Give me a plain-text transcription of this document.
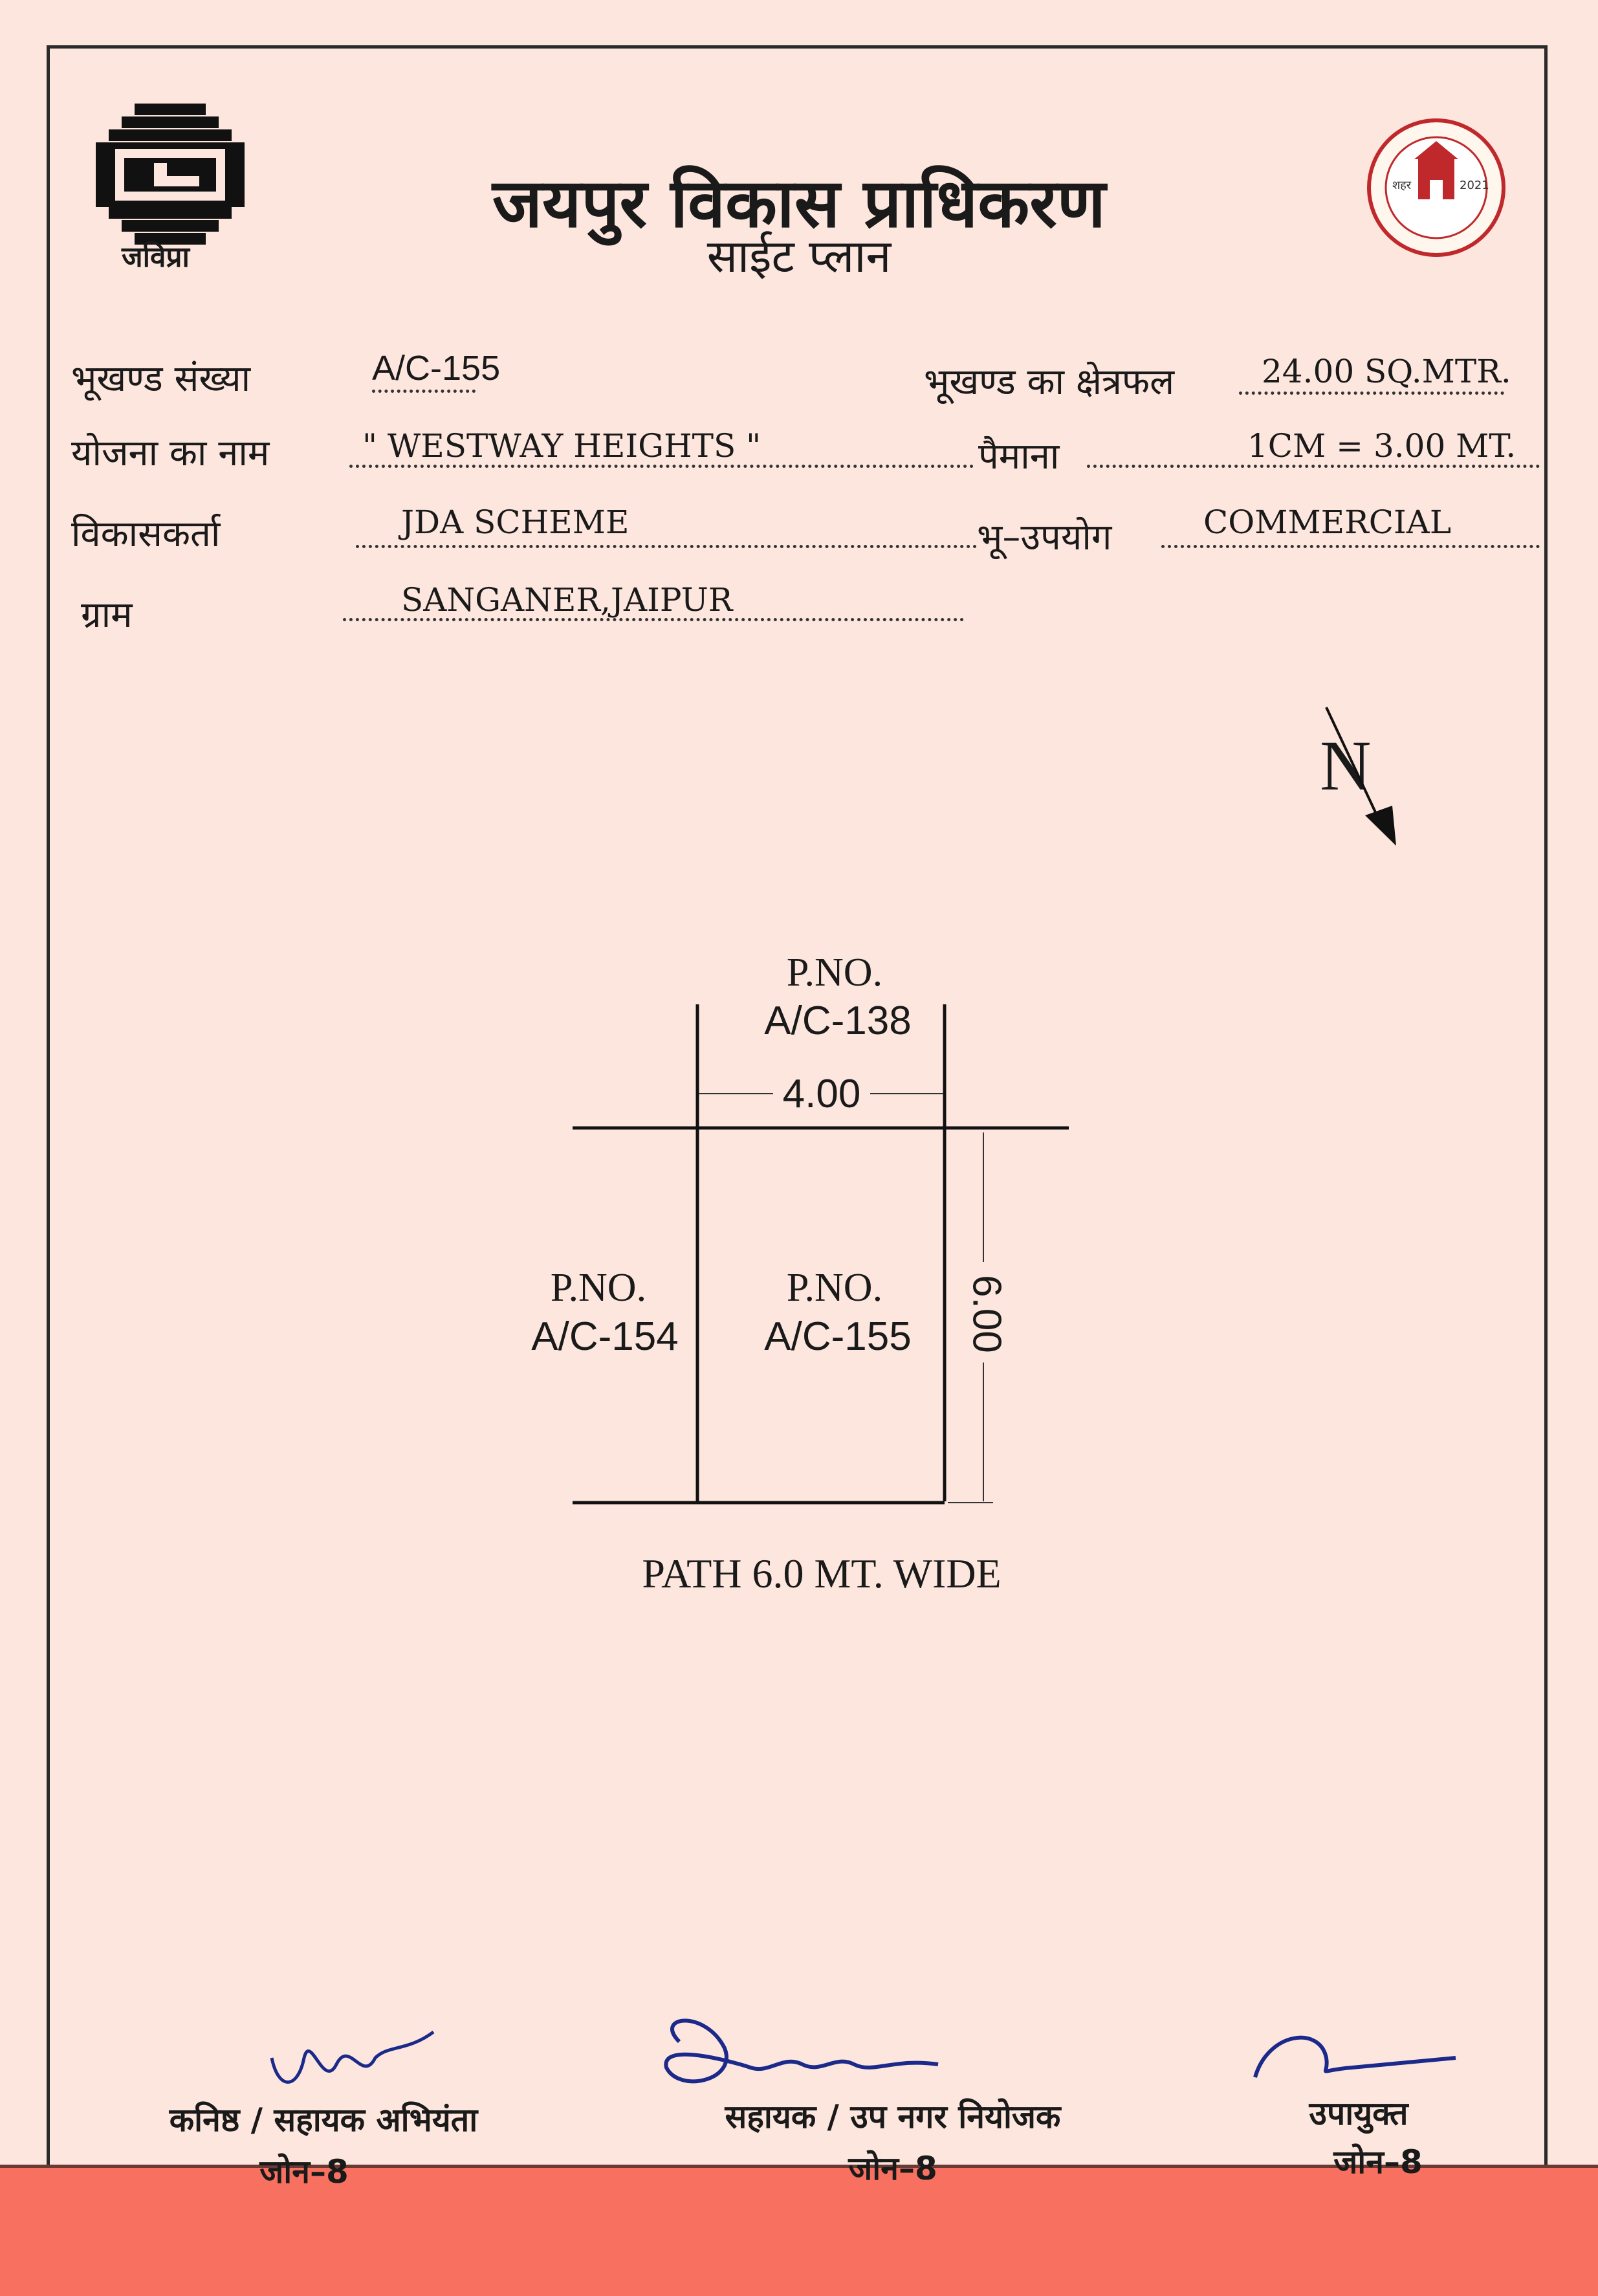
जविप्रा
जयपुर विकास प्राधिकरण
साईट प्लान
शहर	2021
भूखण्ड संख्या	A/C-155	भूखण्ड का क्षेत्रफल	24.00 SQ.MTR.
योजना का नाम	" WESTWAY HEIGHTS "	पैमाना	1CM = 3.00 MT.
विकासकर्ता	JDA SCHEME	भू–उपयोग	COMMERCIAL
ग्राम	SANGANER,JAIPUR
N
P.NO.
A/C-138
4.00
P.NO.
A/C-154
P.NO.
A/C-155	6.00
PATH 6.0 MT. WIDE
कनिष्ठ / सहायक अभियंता
जोन–8
सहायक / उप नगर नियोजक
जोन–8
उपायुक्त
जोन–8
